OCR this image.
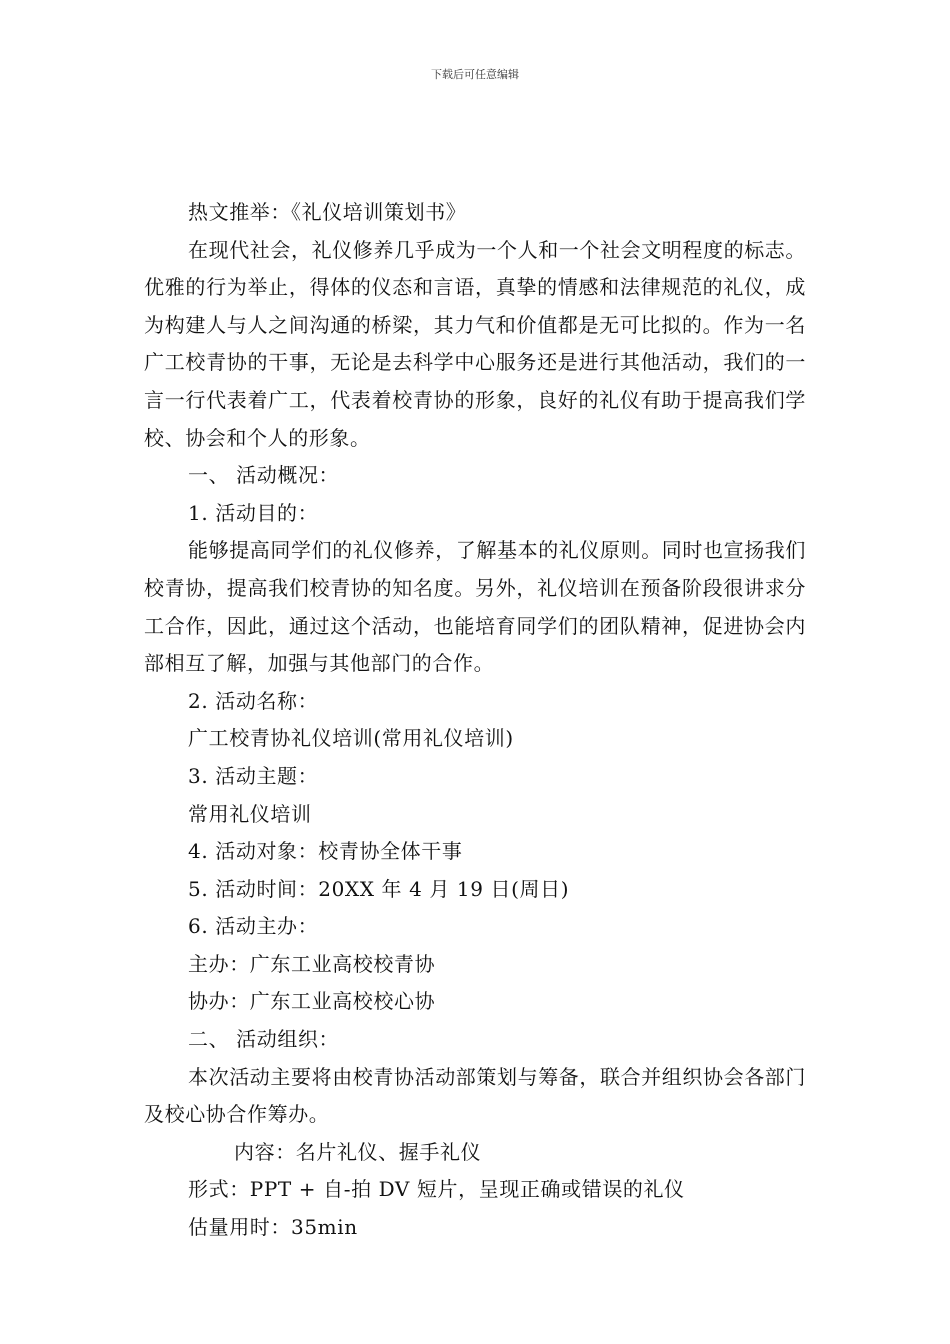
下载后可任意编辑

热文推举：《礼仪培训策划书》

在现代社会，礼仪修养几乎成为一个人和一个社会文明程度的标志。优雅的行为举止，得体的仪态和言语，真挚的情感和法律规范的礼仪，成为构建人与人之间沟通的桥梁，其力气和价值都是无可比拟的。作为一名广工校青协的干事，无论是去科学中心服务还是进行其他活动，我们的一言一行代表着广工，代表着校青协的形象，良好的礼仪有助于提高我们学校、协会和个人的形象。

一、 活动概况：

1. 活动目的：

能够提高同学们的礼仪修养，了解基本的礼仪原则。同时也宣扬我们校青协，提高我们校青协的知名度。另外，礼仪培训在预备阶段很讲求分工合作，因此，通过这个活动，也能培育同学们的团队精神，促进协会内部相互了解，加强与其他部门的合作。

2. 活动名称：

广工校青协礼仪培训(常用礼仪培训)

3. 活动主题：

常用礼仪培训

4. 活动对象：校青协全体干事

5. 活动时间：20XX 年 4 月 19 日(周日)

6. 活动主办：

主办：广东工业高校校青协

协办：广东工业高校校心协

二、 活动组织：

本次活动主要将由校青协活动部策划与筹备，联合并组织协会各部门及校心协合作筹办。

内容：名片礼仪、握手礼仪

形式：PPT + 自-拍 DV 短片，呈现正确或错误的礼仪

估量用时：35min
